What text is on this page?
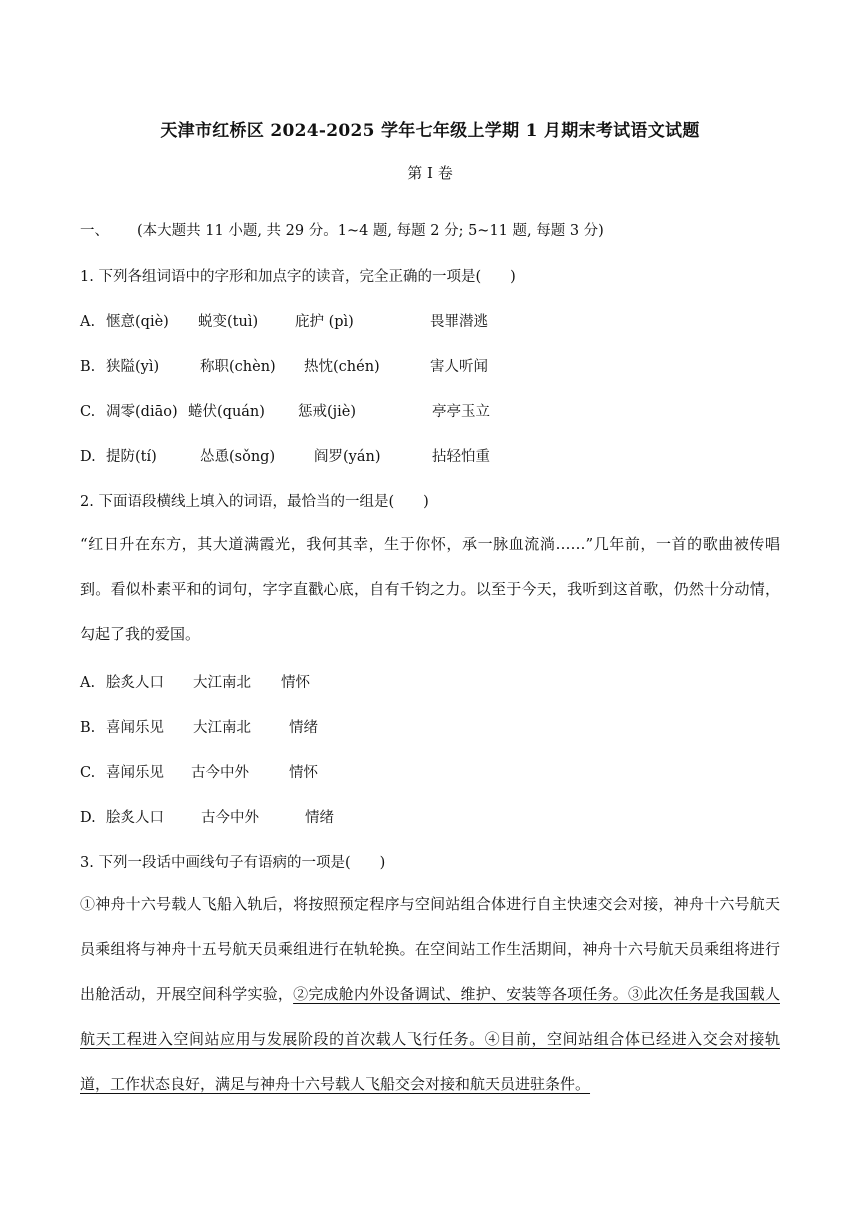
天津市红桥区 2024-2025 学年七年级上学期 1 月期末考试语文试题
第 I 卷
一、 (本大题共 11 小题, 共 29 分。1~4 题, 每题 2 分; 5~11 题, 每题 3 分)
1. 下列各组词语中的字形和加点字的读音，完全正确的一项是(　　)
A. 惬意(qiè) 蜕变(tuì)	庇护 (pì)	畏罪潜逃
B. 狭隘(yì)	称职(chèn) 热忱(chén)	害人听闻
C. 凋零(diāo) 蜷伏(quán) 惩戒(jiè)	亭亭玉立
D. 提防(tí)	怂恿(sǒng)	阎罗(yán)	拈轻怕重
2. 下面语段横线上填入的词语，最恰当的一组是(　　)
“红日升在东方，其大道满霞光，我何其幸，生于你怀，承一脉血流淌……”几年前，一首的歌曲被传唱到。看似朴素平和的词句，字字直戳心底，自有千钧之力。以至于今天，我听到这首歌，仍然十分动情，勾起了我的爱国。
A. 脍炙人口 大江南北 情怀
B. 喜闻乐见 大江南北	情绪
C. 喜闻乐见 古今中外	情怀
D. 脍炙人口	古今中外	情绪
3. 下列一段话中画线句子有语病的一项是(　　)
①神舟十六号载人飞船入轨后，将按照预定程序与空间站组合体进行自主快速交会对接，神舟十六号航天员乘组将与神舟十五号航天员乘组进行在轨轮换。在空间站工作生活期间，神舟十六号航天员乘组将进行出舱活动，开展空间科学实验，②完成舱内外设备调试、维护、安装等各项任务。③此次任务是我国载人航天工程进入空间站应用与发展阶段的首次载人飞行任务。④目前，空间站组合体已经进入交会对接轨道，工作状态良好，满足与神舟十六号载人飞船交会对接和航天员进驻条件。
